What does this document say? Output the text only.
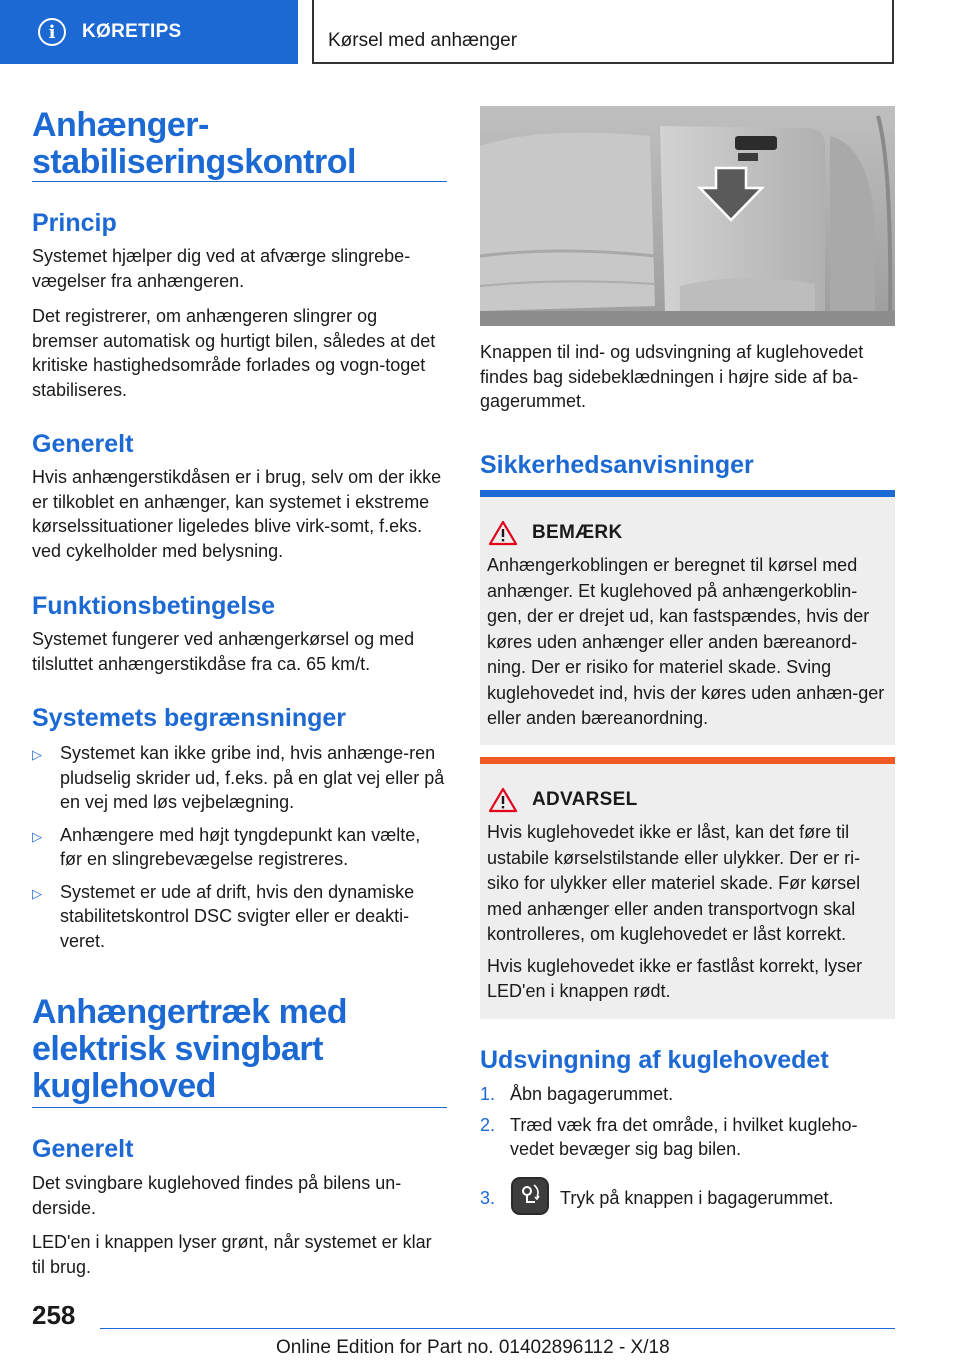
i	KØRETIPS	Kørsel med anhænger
Anhænger-
stabiliseringskontrol
Princip
Systemet hjælper dig ved at afværge slingrebe-vægelser fra anhængeren.
Det registrerer, om anhængeren slingrer og bremser automatisk og hurtigt bilen, således at det kritiske hastighedsområde forlades og vogn-toget stabiliseres.
Generelt
Hvis anhængerstikdåsen er i brug, selv om der ikke er tilkoblet en anhænger, kan systemet i ekstreme kørselssituationer ligeledes blive virk-somt, f.eks. ved cykelholder med belysning.
Funktionsbetingelse
Systemet fungerer ved anhængerkørsel og med tilsluttet anhængerstikdåse fra ca. 65 km/t.
Systemets begrænsninger
▷	Systemet kan ikke gribe ind, hvis anhænge-ren pludselig skrider ud, f.eks. på en glat vej eller på en vej med løs vejbelægning.
▷	Anhængere med højt tyngdepunkt kan vælte, før en slingrebevægelse registreres.
▷	Systemet er ude af drift, hvis den dynamiske stabilitetskontrol DSC svigter eller er deakti-veret.
Anhængertræk med
elektrisk svingbart
kuglehoved
Generelt
Det svingbare kuglehoved findes på bilens un-derside.
LED'en i knappen lyser grønt, når systemet er klar til brug.
Knappen til ind- og udsvingning af kuglehovedet findes bag sidebeklædningen i højre side af ba-gagerummet.
Sikkerhedsanvisninger
BEMÆRK
Anhængerkoblingen er beregnet til kørsel med anhænger. Et kuglehoved på anhængerkoblin-gen, der er drejet ud, kan fastspændes, hvis der køres uden anhænger eller anden bæreanord-ning. Der er risiko for materiel skade. Sving kuglehovedet ind, hvis der køres uden anhæn-ger eller anden bæreanordning.
ADVARSEL
Hvis kuglehovedet ikke er låst, kan det føre til ustabile kørselstilstande eller ulykker. Der er ri-siko for ulykker eller materiel skade. Før kørsel med anhænger eller anden transportvogn skal kontrolleres, om kuglehovedet er låst korrekt.
Hvis kuglehovedet ikke er fastlåst korrekt, lyser LED'en i knappen rødt.
Udsvingning af kuglehovedet
1. Åbn bagagerummet.
2. Træd væk fra det område, i hvilket kugleho-vedet bevæger sig bag bilen.
3.	Tryk på knappen i bagagerummet.
258
Online Edition for Part no. 01402896112 - X/18
